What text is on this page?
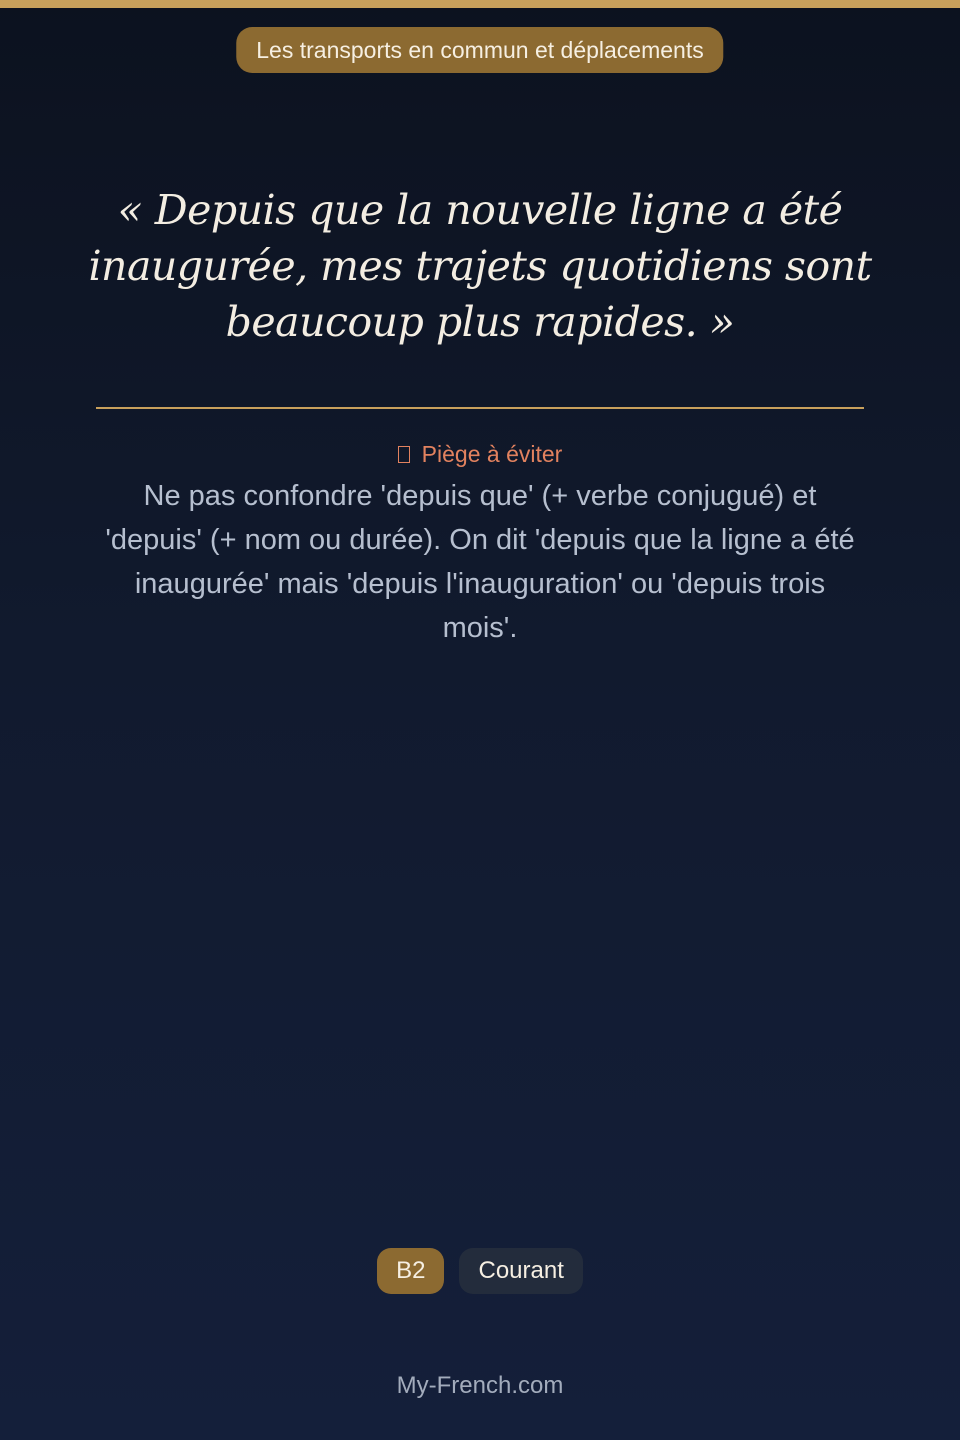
Les transports en commun et déplacements

« Depuis que la nouvelle ligne a été inaugurée, mes trajets quotidiens sont beaucoup plus rapides. »

Piège à éviter

Ne pas confondre 'depuis que' (+ verbe conjugué) et 'depuis' (+ nom ou durée). On dit 'depuis que la ligne a été inaugurée' mais 'depuis l'inauguration' ou 'depuis trois mois'.

B2	Courant
My-French.com
